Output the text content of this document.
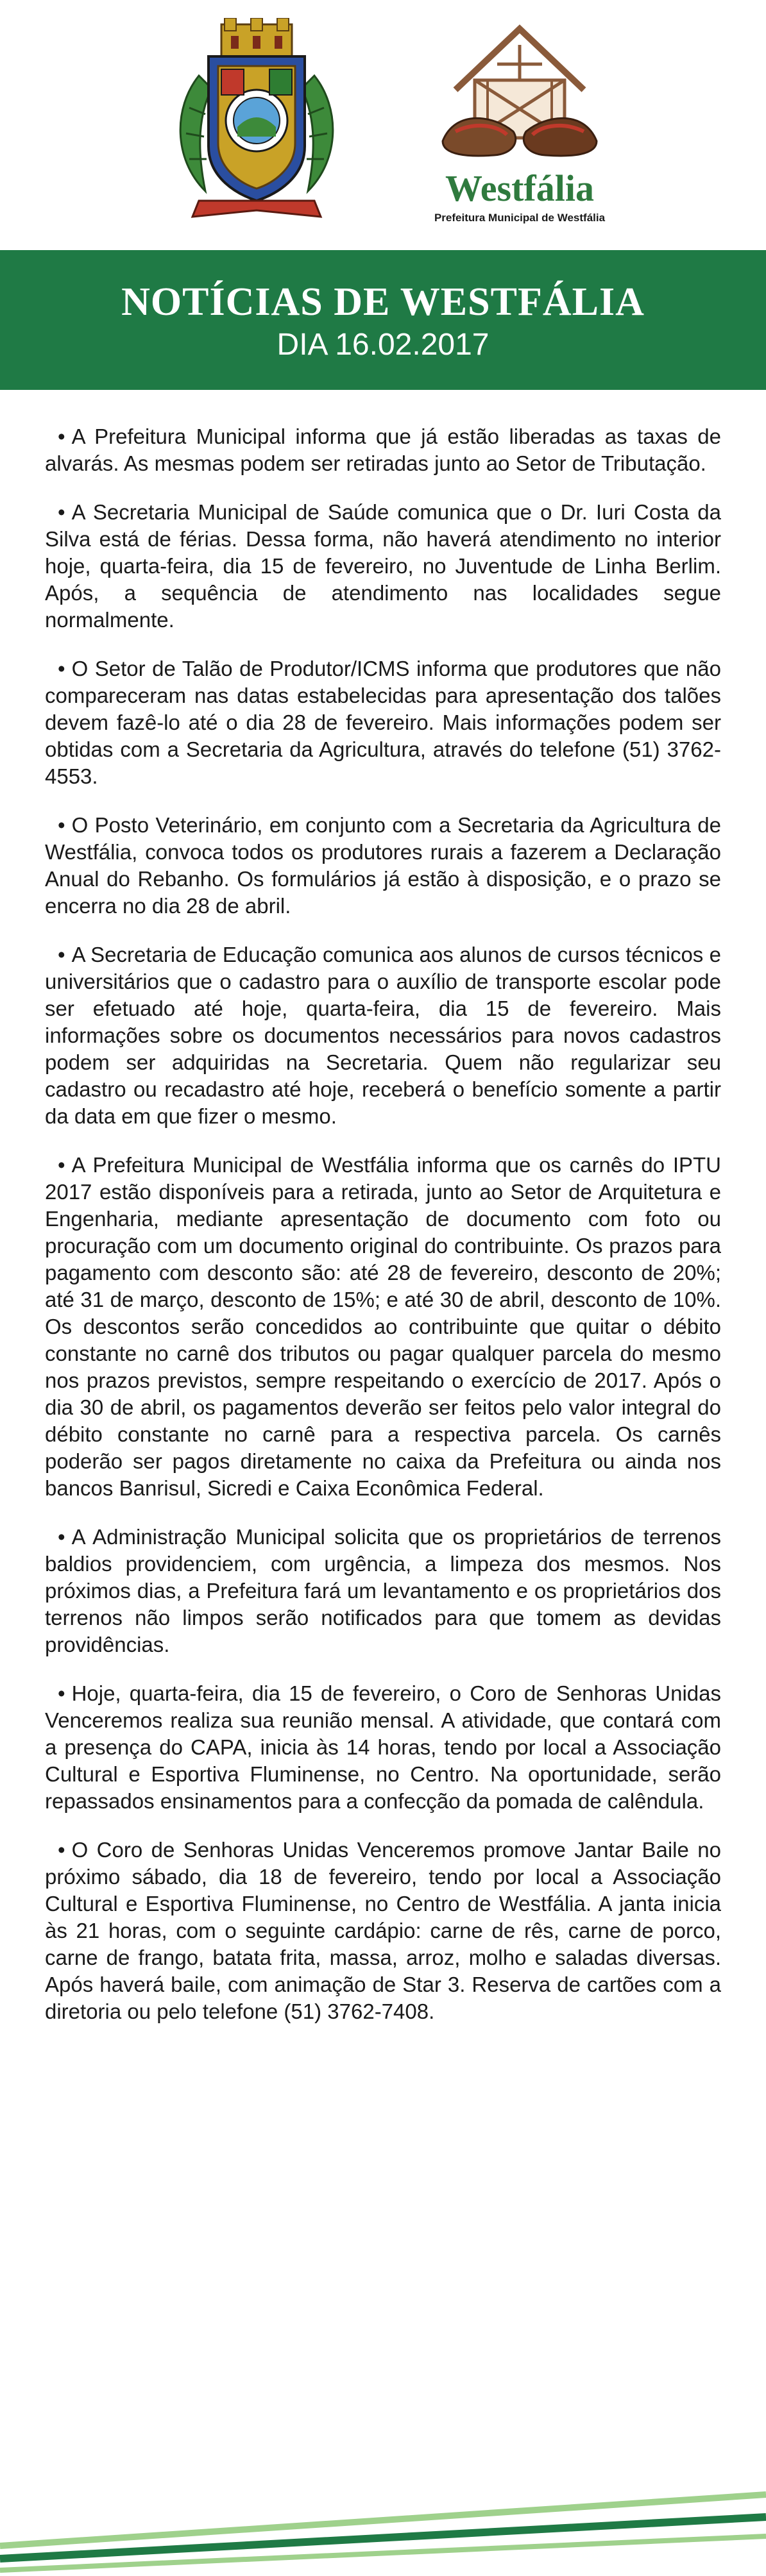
Westfália
Prefeitura Municipal de Westfália
NOTÍCIAS DE WESTFÁLIA
DIA 16.02.2017

• A Prefeitura Municipal informa que já estão liberadas as taxas de alvarás. As mesmas podem ser retiradas junto ao Setor de Tributação.

• A Secretaria Municipal de Saúde comunica que o Dr. Iuri Costa da Silva está de férias. Dessa forma, não haverá atendimento no interior hoje, quarta-feira, dia 15 de fevereiro, no Juventude de Linha Berlim. Após, a sequência de atendimento nas localidades segue normalmente.

• O Setor de Talão de Produtor/ICMS informa que produtores que não compareceram nas datas estabelecidas para apresentação dos talões devem fazê-lo até o dia 28 de fevereiro. Mais informações podem ser obtidas com a Secretaria da Agricultura, através do telefone (51) 3762-4553.

• O Posto Veterinário, em conjunto com a Secretaria da Agricultura de Westfália, convoca todos os produtores rurais a fazerem a Declaração Anual do Rebanho. Os formulários já estão à disposição, e o prazo se encerra no dia 28 de abril.

• A Secretaria de Educação comunica aos alunos de cursos técnicos e universitários que o cadastro para o auxílio de transporte escolar pode ser efetuado até hoje, quarta-feira, dia 15 de fevereiro. Mais informações sobre os documentos necessários para novos cadastros podem ser adquiridas na Secretaria. Quem não regularizar seu cadastro ou recadastro até hoje, receberá o benefício somente a partir da data em que fizer o mesmo.

• A Prefeitura Municipal de Westfália informa que os carnês do IPTU 2017 estão disponíveis para a retirada, junto ao Setor de Arquitetura e Engenharia, mediante apresentação de documento com foto ou procuração com um documento original do contribuinte. Os prazos para pagamento com desconto são: até 28 de fevereiro, desconto de 20%; até 31 de março, desconto de 15%; e até 30 de abril, desconto de 10%. Os descontos serão concedidos ao contribuinte que quitar o débito constante no carnê dos tributos ou pagar qualquer parcela do mesmo nos prazos previstos, sempre respeitando o exercício de 2017. Após o dia 30 de abril, os pagamentos deverão ser feitos pelo valor integral do débito constante no carnê para a respectiva parcela. Os carnês poderão ser pagos diretamente no caixa da Prefeitura ou ainda nos bancos Banrisul, Sicredi e Caixa Econômica Federal.

• A Administração Municipal solicita que os proprietários de terrenos baldios providenciem, com urgência, a limpeza dos mesmos. Nos próximos dias, a Prefeitura fará um levantamento e os proprietários dos terrenos não limpos serão notificados para que tomem as devidas providências.

• Hoje, quarta-feira, dia 15 de fevereiro, o Coro de Senhoras Unidas Venceremos realiza sua reunião mensal. A atividade, que contará com a presença do CAPA, inicia às 14 horas, tendo por local a Associação Cultural e Esportiva Fluminense, no Centro. Na oportunidade, serão repassados ensinamentos para a confecção da pomada de calêndula.

• O Coro de Senhoras Unidas Venceremos promove Jantar Baile no próximo sábado, dia 18 de fevereiro, tendo por local a Associação Cultural e Esportiva Fluminense, no Centro de Westfália. A janta inicia às 21 horas, com o seguinte cardápio: carne de rês, carne de porco, carne de frango, batata frita, massa, arroz, molho e saladas diversas. Após haverá baile, com animação de Star 3. Reserva de cartões com a diretoria ou pelo telefone (51) 3762-7408.
